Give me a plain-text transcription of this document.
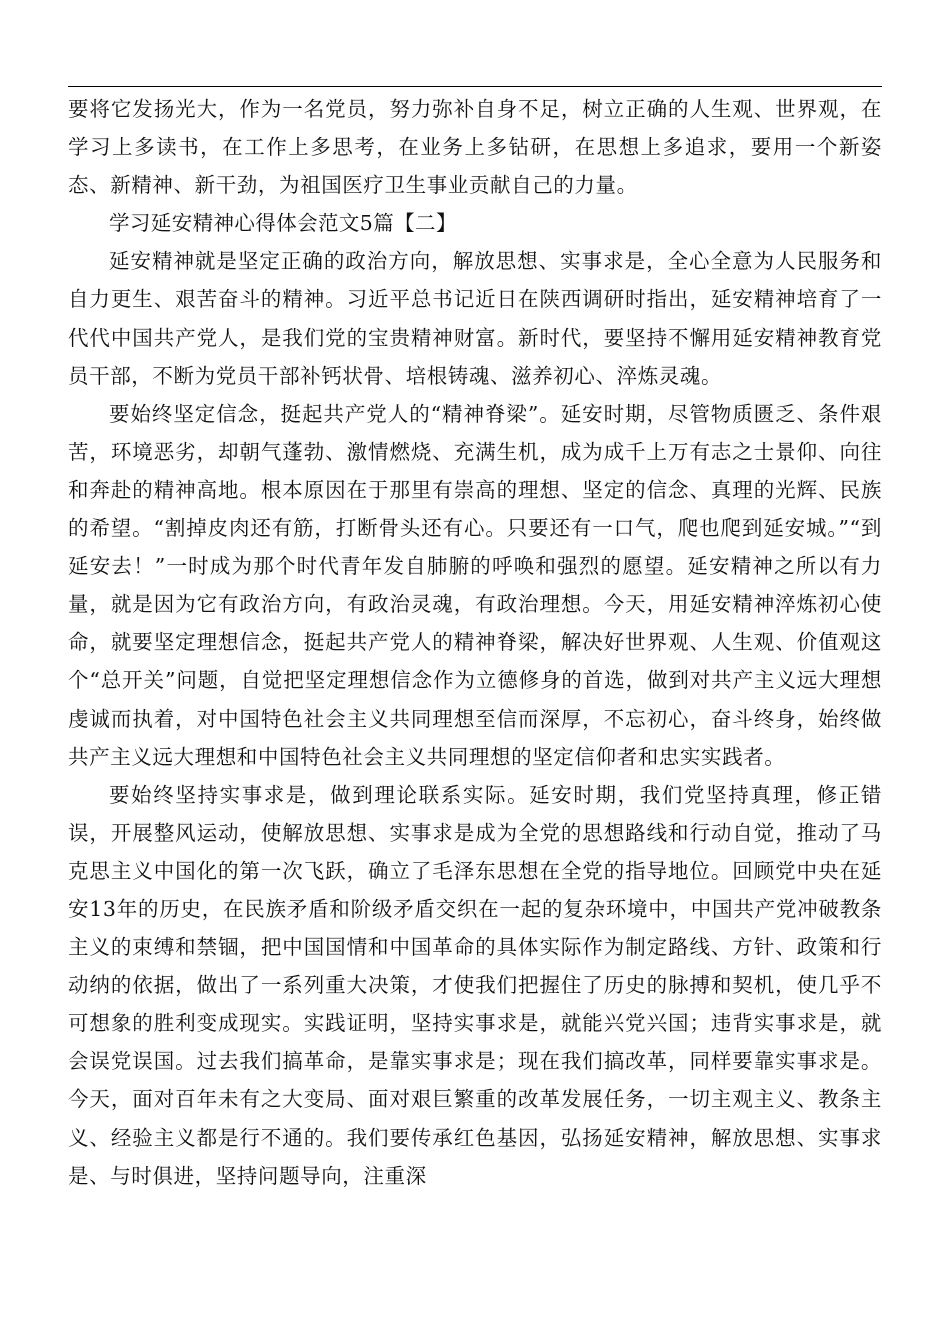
要将它发扬光大，作为一名党员，努力弥补自身不足，树立正确的人生观、世界观，在学习上多读书，在工作上多思考，在业务上多钻研，在思想上多追求，要用一个新姿态、新精神、新干劲，为祖国医疗卫生事业贡献自己的力量。

学习延安精神心得体会范文5篇【二】

延安精神就是坚定正确的政治方向，解放思想、实事求是，全心全意为人民服务和自力更生、艰苦奋斗的精神。习近平总书记近日在陕西调研时指出，延安精神培育了一代代中国共产党人，是我们党的宝贵精神财富。新时代，要坚持不懈用延安精神教育党员干部，不断为党员干部补钙状骨、培根铸魂、滋养初心、淬炼灵魂。

要始终坚定信念，挺起共产党人的“精神脊梁”。延安时期，尽管物质匮乏、条件艰苦，环境恶劣，却朝气蓬勃、激情燃烧、充满生机，成为成千上万有志之士景仰、向往和奔赴的精神高地。根本原因在于那里有崇高的理想、坚定的信念、真理的光辉、民族的希望。“割掉皮肉还有筋，打断骨头还有心。只要还有一口气，爬也爬到延安城。”“到延安去！”一时成为那个时代青年发自肺腑的呼唤和强烈的愿望。延安精神之所以有力量，就是因为它有政治方向，有政治灵魂，有政治理想。今天，用延安精神淬炼初心使命，就要坚定理想信念，挺起共产党人的精神脊梁，解决好世界观、人生观、价值观这个“总开关”问题，自觉把坚定理想信念作为立德修身的首选，做到对共产主义远大理想虔诚而执着，对中国特色社会主义共同理想至信而深厚，不忘初心，奋斗终身，始终做共产主义远大理想和中国特色社会主义共同理想的坚定信仰者和忠实实践者。

要始终坚持实事求是，做到理论联系实际。延安时期，我们党坚持真理，修正错误，开展整风运动，使解放思想、实事求是成为全党的思想路线和行动自觉，推动了马克思主义中国化的第一次飞跃，确立了毛泽东思想在全党的指导地位。回顾党中央在延安13年的历史，在民族矛盾和阶级矛盾交织在一起的复杂环境中，中国共产党冲破教条主义的束缚和禁锢，把中国国情和中国革命的具体实际作为制定路线、方针、政策和行动纳的依据，做出了一系列重大决策，才使我们把握住了历史的脉搏和契机，使几乎不可想象的胜利变成现实。实践证明，坚持实事求是，就能兴党兴国；违背实事求是，就会误党误国。过去我们搞革命，是靠实事求是；现在我们搞改革，同样要靠实事求是。今天，面对百年未有之大变局、面对艰巨繁重的改革发展任务，一切主观主义、教条主义、经验主义都是行不通的。我们要传承红色基因，弘扬延安精神，解放思想、实事求是、与时俱进，坚持问题导向，注重深
